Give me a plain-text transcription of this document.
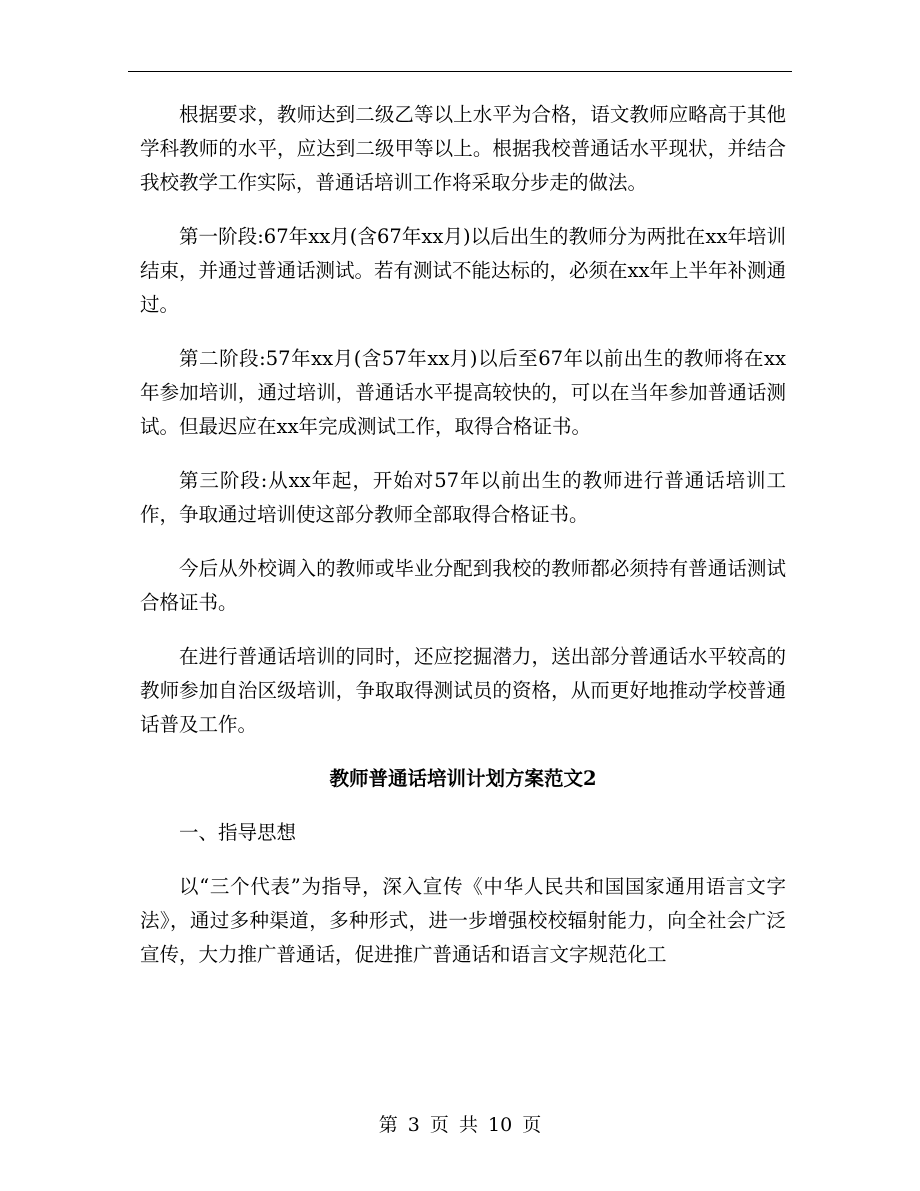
根据要求，教师达到二级乙等以上水平为合格，语文教师应略高于其他学科教师的水平，应达到二级甲等以上。根据我校普通话水平现状，并结合我校教学工作实际，普通话培训工作将采取分步走的做法。

第一阶段:67年xx月(含67年xx月)以后出生的教师分为两批在xx年培训结束，并通过普通话测试。若有测试不能达标的，必须在xx年上半年补测通过。

第二阶段:57年xx月(含57年xx月)以后至67年以前出生的教师将在xx年参加培训，通过培训，普通话水平提高较快的，可以在当年参加普通话测试。但最迟应在xx年完成测试工作，取得合格证书。

第三阶段:从xx年起，开始对57年以前出生的教师进行普通话培训工作，争取通过培训使这部分教师全部取得合格证书。

今后从外校调入的教师或毕业分配到我校的教师都必须持有普通话测试合格证书。

在进行普通话培训的同时，还应挖掘潜力，送出部分普通话水平较高的教师参加自治区级培训，争取取得测试员的资格，从而更好地推动学校普通话普及工作。

教师普通话培训计划方案范文2

一、指导思想

以“三个代表”为指导，深入宣传《中华人民共和国国家通用语言文字法》，通过多种渠道，多种形式，进一步增强校校辐射能力，向全社会广泛宣传，大力推广普通话，促进推广普通话和语言文字规范化工

第 3 页 共 10 页
